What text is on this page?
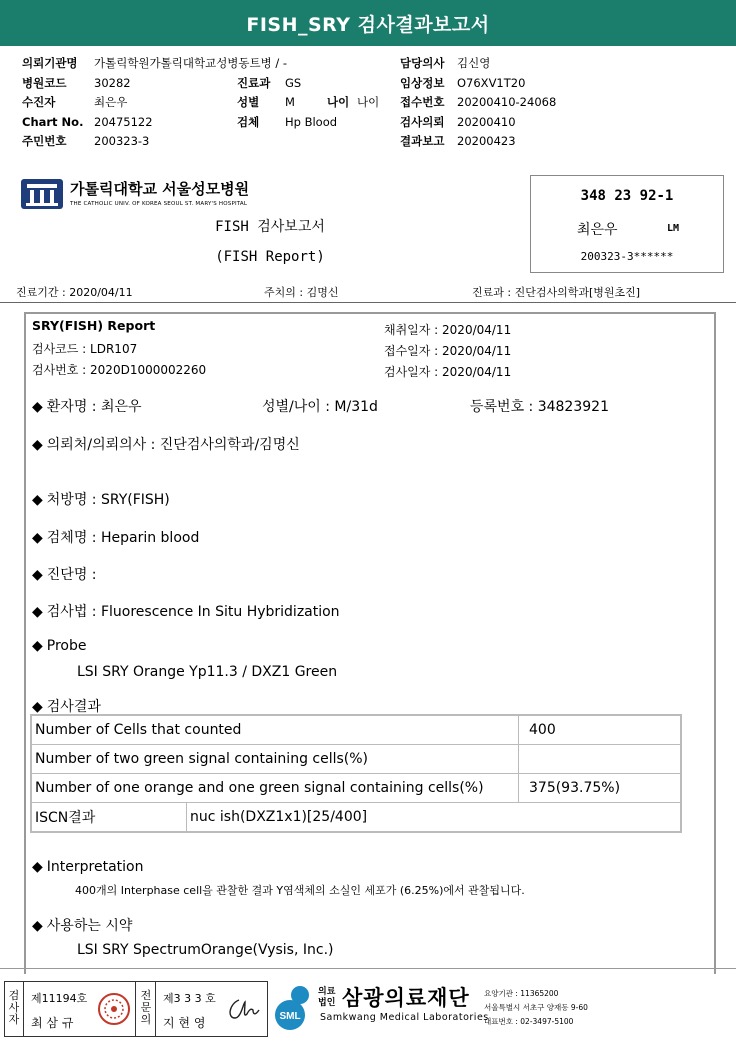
FISH_SRY 검사결과보고서
의뢰기관명 가톨릭학원가톨릭대학교성병동트병 / -
병원코드 30282
수진자	최은우
Chart No. 20475122
주민번호 200323-3
진료과 GS
성별 M	나이 나이
검체 Hp Blood
담당의사 김신영
임상정보 O76XV1T20
접수번호 20200410-24068
검사의뢰 20200410
결과보고 20200423
가톨릭대학교 서울성모병원
THE CATHOLIC UNIV. OF KOREA SEOUL ST. MARY'S HOSPITAL
FISH 검사보고서
(FISH Report)
348 23 92-1
최은우	LM
200323-3******
진료기간 : 2020/04/11	주치의 : 김명신	진료과 : 진단검사의학과[병원초진]
SRY(FISH) Report
검사코드 : LDR107
검사번호 : 2020D1000002260
채취일자 : 2020/04/11
접수일자 : 2020/04/11
검사일자 : 2020/04/11
◆ 환자명 : 최은우	성별/나이 : M/31d	등록번호 : 34823921
◆ 의뢰처/의뢰의사 : 진단검사의학과/김명신
◆ 처방명 : SRY(FISH)
◆ 검체명 : Heparin blood
◆ 진단명 :
◆ 검사법 : Fluorescence In Situ Hybridization
◆ Probe
LSI SRY Orange Yp11.3 / DXZ1 Green
◆ 검사결과
Number of Cells that counted		400
Number of two green signal containing cells(%)		
Number of one orange and one green signal containing cells(%)		375(93.75%)
ISCN결과	nuc ish(DXZ1x1)[25/400]	
◆ Interpretation
400개의 Interphase cell을 관찰한 결과 Y염색체의 소실인 세포가 (6.25%)에서 관찰됩니다.
◆ 사용하는 시약
LSI SRY SpectrumOrange(Vysis, Inc.)
검사자
제11194호
최 삼 규
전문의
제3 3 3 호
지 현 영	SML
의료
법인 삼광의료재단
Samkwang Medical Laboratories
요양기관 : 11365200
서울특별시 서초구 양재동 9-60
대표번호 : 02-3497-5100
